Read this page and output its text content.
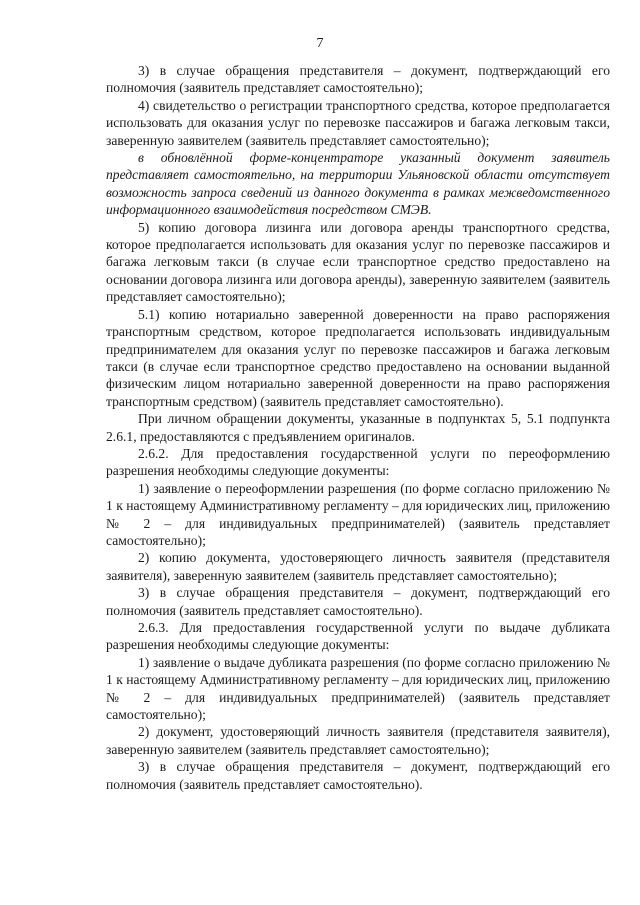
7

3) в случае обращения представителя – документ, подтверждающий его полномочия (заявитель представляет самостоятельно);

4) свидетельство о регистрации транспортного средства, которое предполагается использовать для оказания услуг по перевозке пассажиров и багажа легковым такси, заверенную заявителем (заявитель представляет самостоятельно);

в обновлённой форме-концентраторе указанный документ заявитель представляет самостоятельно, на территории Ульяновской области отсутствует возможность запроса сведений из данного документа в рамках межведомственного информационного взаимодействия посредством СМЭВ.

5) копию договора лизинга или договора аренды транспортного средства, которое предполагается использовать для оказания услуг по перевозке пассажиров и багажа легковым такси (в случае если транспортное средство предоставлено на основании договора лизинга или договора аренды), заверенную заявителем (заявитель представляет самостоятельно);

5.1) копию нотариально заверенной доверенности на право распоряжения транспортным средством, которое предполагается использовать индивидуальным предпринимателем для оказания услуг по перевозке пассажиров и багажа легковым такси (в случае если транспортное средство предоставлено на основании выданной физическим лицом нотариально заверенной доверенности на право распоряжения транспортным средством) (заявитель представляет самостоятельно).

При личном обращении документы, указанные в подпунктах 5, 5.1 подпункта 2.6.1, предоставляются с предъявлением оригиналов.

2.6.2. Для предоставления государственной услуги по переоформлению разрешения необходимы следующие документы:

1) заявление о переоформлении разрешения (по форме согласно приложению № 1 к настоящему Административному регламенту – для юридических лиц, приложению № 2 – для индивидуальных предпринимателей) (заявитель представляет самостоятельно);

2) копию документа, удостоверяющего личность заявителя (представителя заявителя), заверенную заявителем (заявитель представляет самостоятельно);

3) в случае обращения представителя – документ, подтверждающий его полномочия (заявитель представляет самостоятельно).

2.6.3. Для предоставления государственной услуги по выдаче дубликата разрешения необходимы следующие документы:

1) заявление о выдаче дубликата разрешения (по форме согласно приложению № 1 к настоящему Административному регламенту – для юридических лиц, приложению № 2 – для индивидуальных предпринимателей) (заявитель представляет самостоятельно);

2) документ, удостоверяющий личность заявителя (представителя заявителя), заверенную заявителем (заявитель представляет самостоятельно);

3) в случае обращения представителя – документ, подтверждающий его полномочия (заявитель представляет самостоятельно).
